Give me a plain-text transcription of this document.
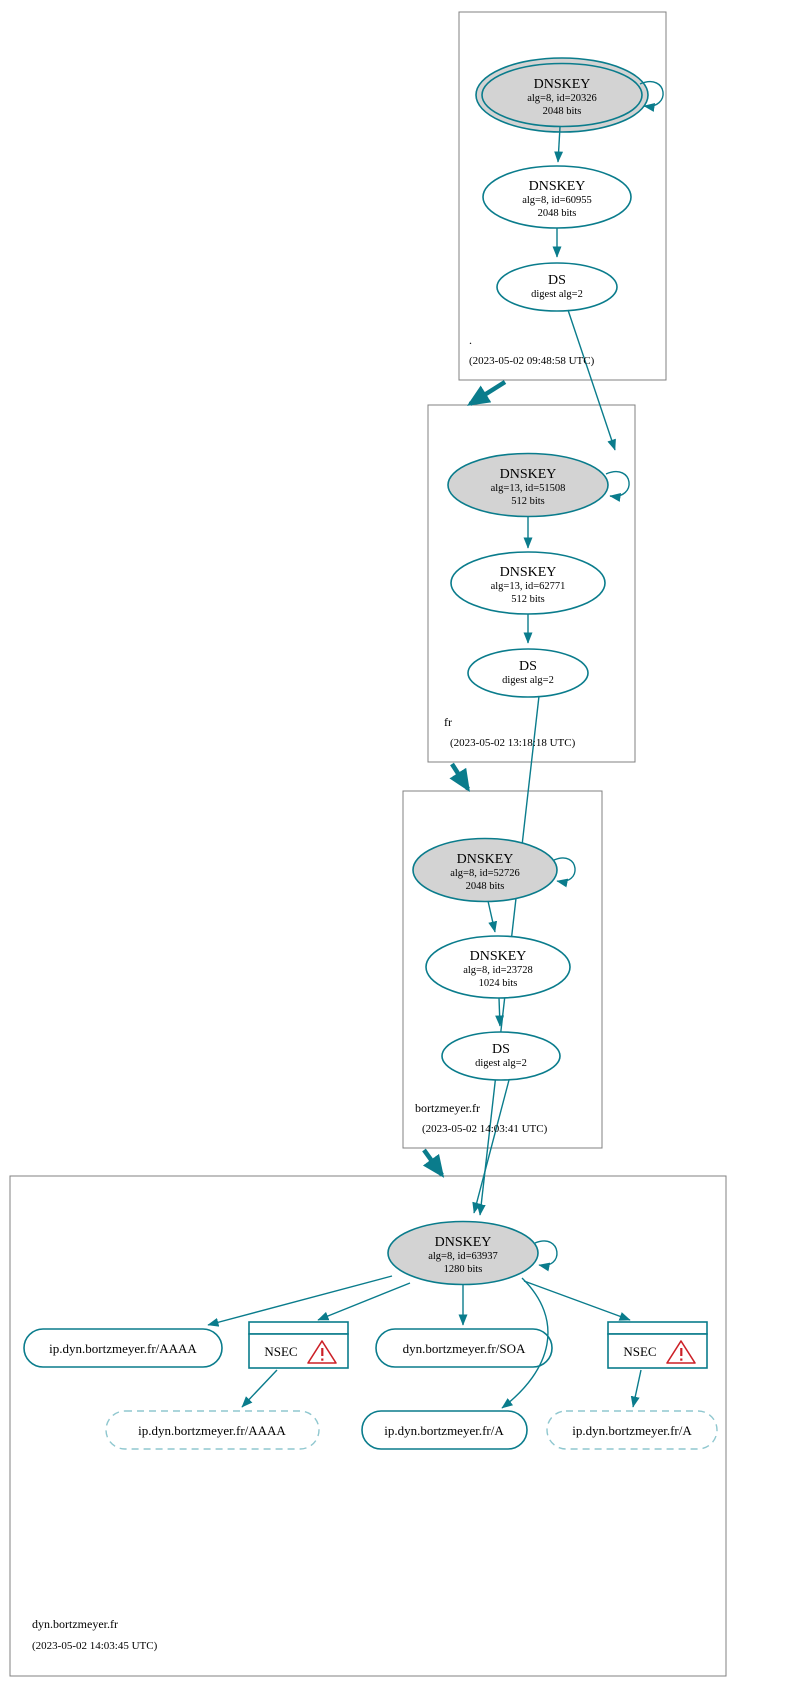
DNSKEY
alg=8, id=20326
2048 bits
DNSKEY
alg=8, id=60955
2048 bits
DS
digest alg=2
.
(2023-05-02 09:48:58 UTC)
DNSKEY
alg=13, id=51508
512 bits
DNSKEY
alg=13, id=62771
512 bits
DS
digest alg=2
fr
(2023-05-02 13:18:18 UTC)
DNSKEY
alg=8, id=52726
2048 bits
DNSKEY
alg=8, id=23728
1024 bits
DS
digest alg=2
bortzmeyer.fr
(2023-05-02 14:03:41 UTC)
DNSKEY
alg=8, id=63937
1280 bits
ip.dyn.bortzmeyer.fr/AAAA	NSEC	dyn.bortzmeyer.fr/SOA	NSEC
ip.dyn.bortzmeyer.fr/AAAA	ip.dyn.bortzmeyer.fr/A	ip.dyn.bortzmeyer.fr/A
dyn.bortzmeyer.fr
(2023-05-02 14:03:45 UTC)
